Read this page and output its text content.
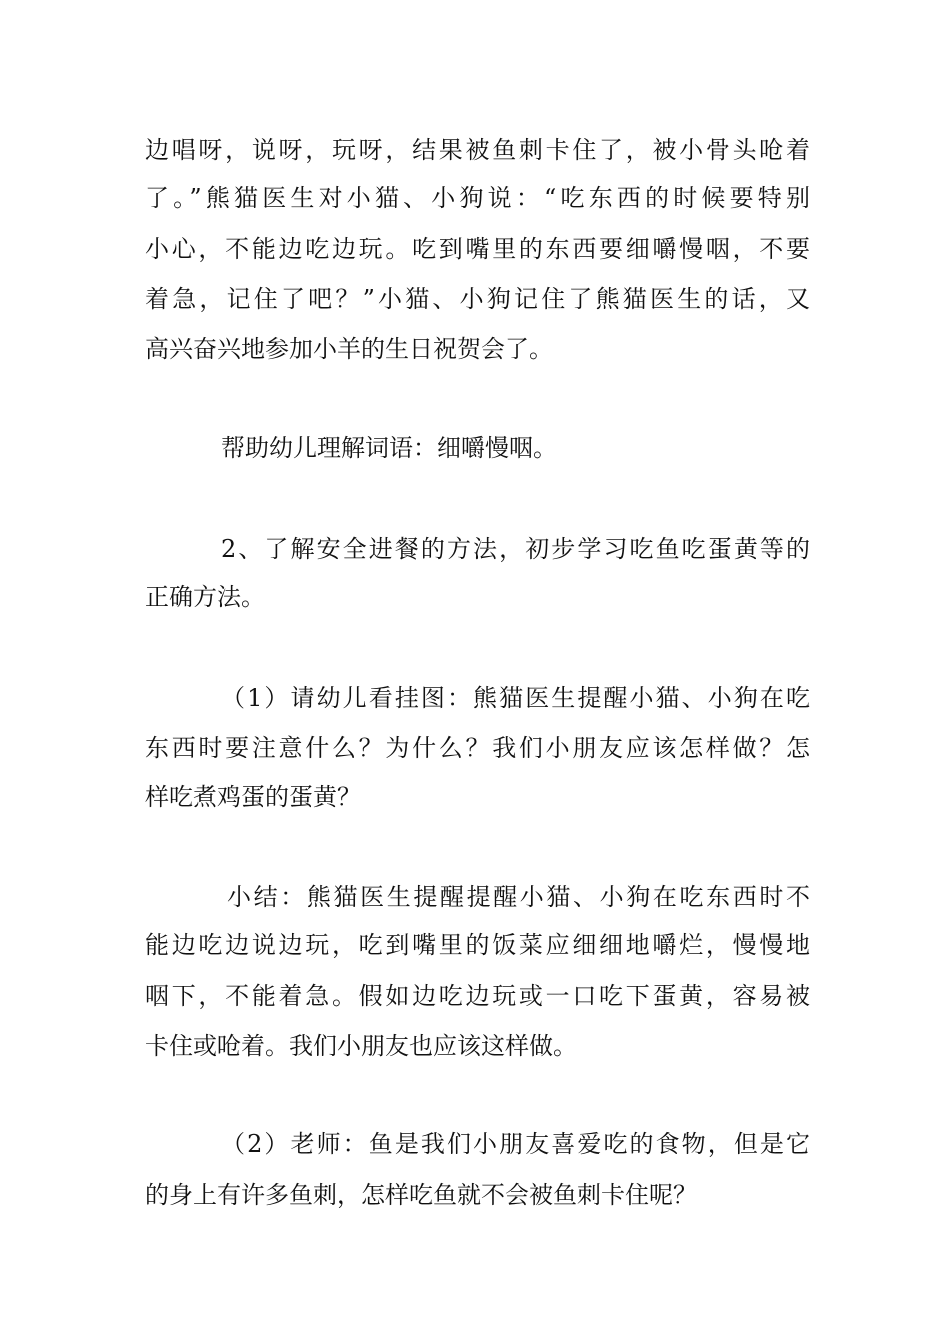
边唱呀，说呀，玩呀，结果被鱼刺卡住了，被小骨头呛着
了。”熊猫医生对小猫、小狗说：“吃东西的时候要特别
小心，不能边吃边玩。吃到嘴里的东西要细嚼慢咽，不要
着急，记住了吧？”小猫、小狗记住了熊猫医生的话，又
高兴奋兴地参加小羊的生日祝贺会了。
帮助幼儿理解词语：细嚼慢咽。
2、了解安全进餐的方法，初步学习吃鱼吃蛋黄等的
正确方法。
（1）请幼儿看挂图：熊猫医生提醒小猫、小狗在吃
东西时要注意什么？为什么？我们小朋友应该怎样做？怎
样吃煮鸡蛋的蛋黄？
小结：熊猫医生提醒提醒小猫、小狗在吃东西时不
能边吃边说边玩，吃到嘴里的饭菜应细细地嚼烂，慢慢地
咽下，不能着急。假如边吃边玩或一口吃下蛋黄，容易被
卡住或呛着。我们小朋友也应该这样做。
（2）老师：鱼是我们小朋友喜爱吃的食物，但是它
的身上有许多鱼刺，怎样吃鱼就不会被鱼刺卡住呢？
